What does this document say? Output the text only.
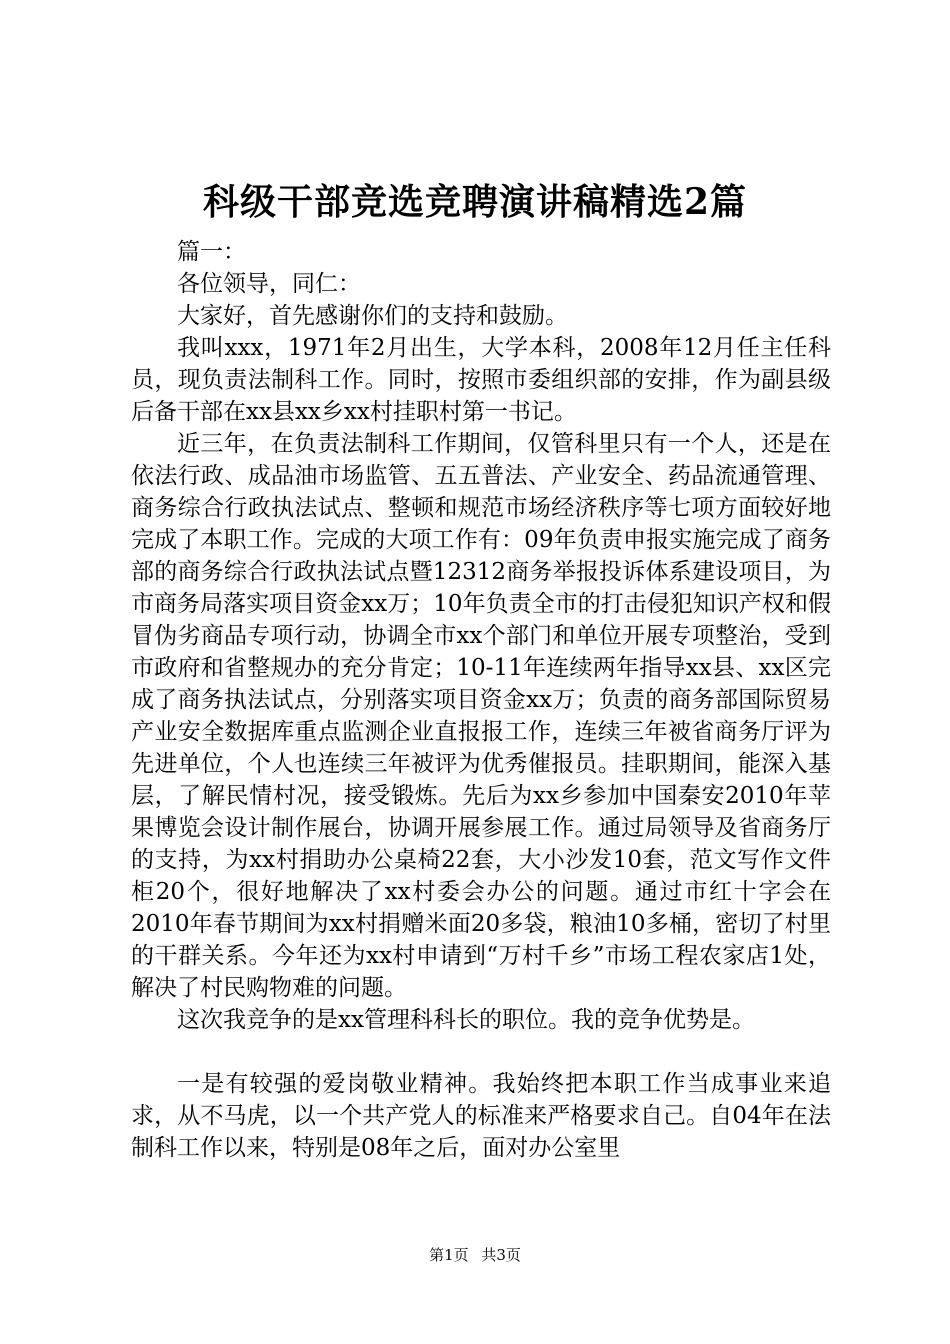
科级干部竞选竞聘演讲稿精选2篇

篇一：

各位领导，同仁：

大家好，首先感谢你们的支持和鼓励。

我叫xxx，1971年2月出生，大学本科，2008年12月任主任科员，现负责法制科工作。同时，按照市委组织部的安排，作为副县级后备干部在xx县xx乡xx村挂职村第一书记。

近三年，在负责法制科工作期间，仅管科里只有一个人，还是在依法行政、成品油市场监管、五五普法、产业安全、药品流通管理、商务综合行政执法试点、整顿和规范市场经济秩序等七项方面较好地完成了本职工作。完成的大项工作有：09年负责申报实施完成了商务部的商务综合行政执法试点暨12312商务举报投诉体系建设项目，为市商务局落实项目资金xx万；10年负责全市的打击侵犯知识产权和假冒伪劣商品专项行动，协调全市xx个部门和单位开展专项整治，受到市政府和省整规办的充分肯定；10-11年连续两年指导xx县、xx区完成了商务执法试点，分别落实项目资金xx万；负责的商务部国际贸易产业安全数据库重点监测企业直报报工作，连续三年被省商务厅评为先进单位，个人也连续三年被评为优秀催报员。挂职期间，能深入基层，了解民情村况，接受锻炼。先后为xx乡参加中国秦安2010年苹果博览会设计制作展台，协调开展参展工作。通过局领导及省商务厅的支持，为xx村捐助办公桌椅22套，大小沙发10套，范文写作文件柜20个，很好地解决了xx村委会办公的问题。通过市红十字会在2010年春节期间为xx村捐赠米面20多袋，粮油10多桶，密切了村里的干群关系。今年还为xx村申请到“万村千乡”市场工程农家店1处，解决了村民购物难的问题。

这次我竞争的是xx管理科科长的职位。我的竞争优势是。

一是有较强的爱岗敬业精神。我始终把本职工作当成事业来追求，从不马虎，以一个共产党人的标准来严格要求自己。自04年在法制科工作以来，特别是08年之后，面对办公室里

第1页 共3页
